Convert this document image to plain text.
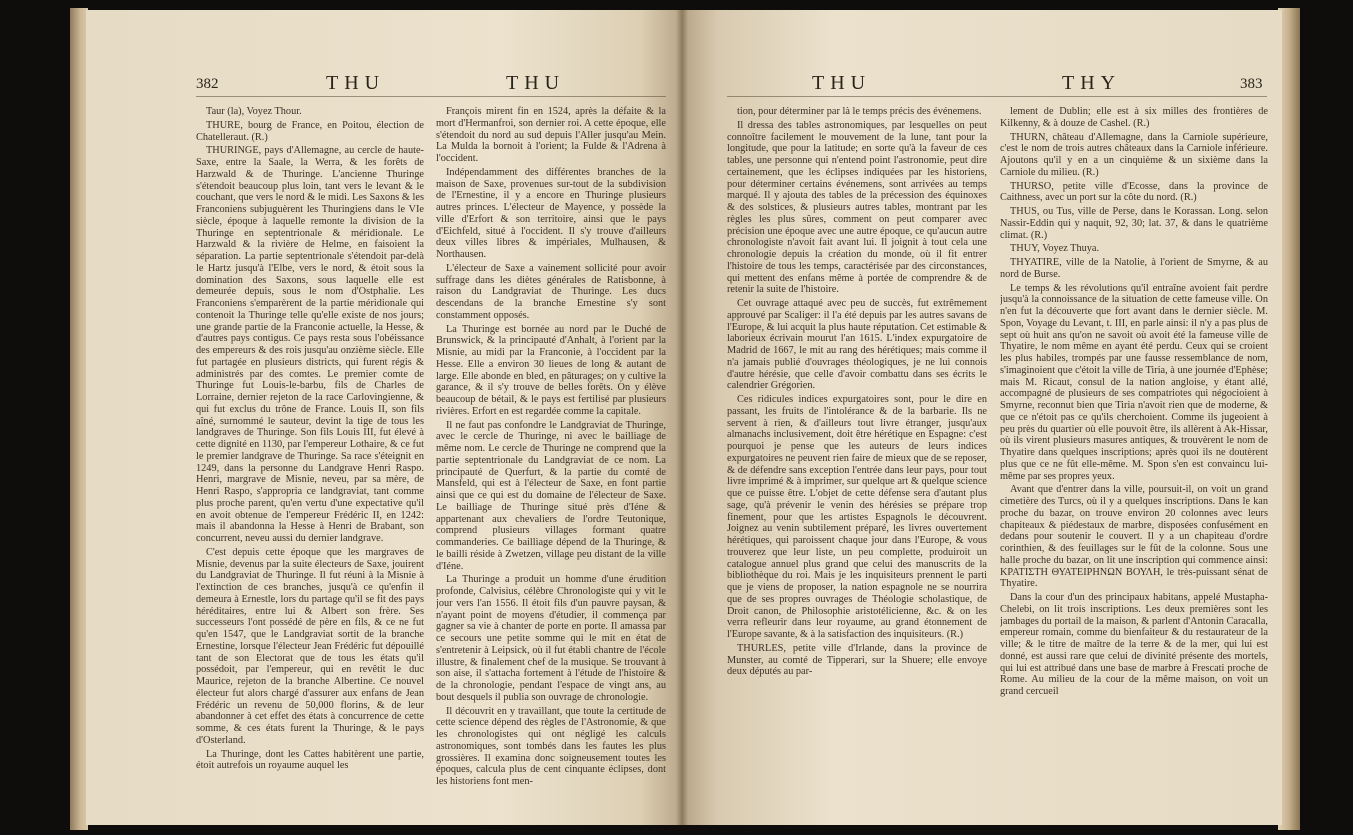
382	THU	THU

Taur (la), Voyez Thour.

THURE, bourg de France, en Poitou, élection de Chatelleraut. (R.)

THURINGE, pays d'Allemagne, au cercle de haute-Saxe, entre la Saale, la Werra, & les forêts de Harzwald & de Thuringe. L'ancienne Thuringe s'étendoit beaucoup plus loin, tant vers le levant & le couchant, que vers le nord & le midi. Les Saxons & les Franconiens subjuguèrent les Thuringiens dans le VIe siècle, époque à laquelle remonte la division de la Thuringe en septentrionale & méridionale. Le Harzwald & la rivière de Helme, en faisoient la séparation. La partie septentrionale s'étendoit par-delà le Hartz jusqu'à l'Elbe, vers le nord, & étoit sous la domination des Saxons, sous laquelle elle est demeurée depuis, sous le nom d'Ostphalie. Les Franconiens s'emparèrent de la partie méridionale qui contenoit la Thuringe telle qu'elle existe de nos jours; une grande partie de la Franconie actuelle, la Hesse, & d'autres pays contigus. Ce pays resta sous l'obéissance des empereurs & des rois jusqu'au onzième siècle. Elle fut partagée en plusieurs districts, qui furent régis & administrés par des comtes. Le premier comte de Thuringe fut Louis-le-barbu, fils de Charles de Lorraine, dernier rejeton de la race Carlovingienne, & qui fut exclus du trône de France. Louis II, son fils aîné, surnommé le sauteur, devint la tige de tous les landgraves de Thuringe. Son fils Louis III, fut élevé à cette dignité en 1130, par l'empereur Lothaire, & ce fut le premier landgrave de Thuringe. Sa race s'éteignit en 1249, dans la personne du Landgrave Henri Raspo. Henri, margrave de Misnie, neveu, par sa mère, de Henri Raspo, s'appropria ce landgraviat, tant comme plus proche parent, qu'en vertu d'une expectative qu'il en avoit obtenue de l'empereur Frédéric II, en 1242: mais il abandonna la Hesse à Henri de Brabant, son concurrent, neveu aussi du dernier landgrave.

C'est depuis cette époque que les margraves de Misnie, devenus par la suite électeurs de Saxe, jouirent du Landgraviat de Thuringe. Il fut réuni à la Misnie à l'extinction de ces branches, jusqu'à ce qu'enfin il demeura à Ernestle, lors du partage qu'il se fit des pays héréditaires, entre lui & Albert son frère. Ses successeurs l'ont possédé de père en fils, & ce ne fut qu'en 1547, que le Landgraviat sortit de la branche Ernestine, lorsque l'électeur Jean Frédéric fut dépouillé tant de son Electorat que de tous les états qu'il possédoit, par l'empereur, qui en revêtit le duc Maurice, rejeton de la branche Albertine. Ce nouvel électeur fut alors chargé d'assurer aux enfans de Jean Frédéric un revenu de 50,000 florins, & de leur abandonner à cet effet des états à concurrence de cette somme, & ces états furent la Thuringe, & le pays d'Osterland.

La Thuringe, dont les Cattes habitèrent une partie, étoit autrefois un royaume auquel les

François mirent fin en 1524, après la défaite & la mort d'Hermanfroi, son dernier roi. A cette époque, elle s'étendoit du nord au sud depuis l'Aller jusqu'au Mein. La Mulda la bornoit à l'orient; la Fulde & l'Adrena à l'occident.

Indépendamment des différentes branches de la maison de Saxe, provenues sur-tout de la subdivision de l'Ernestine, il y a encore en Thuringe plusieurs autres princes. L'électeur de Mayence, y possède la ville d'Erfort & son territoire, ainsi que le pays d'Eichfeld, situé à l'occident. Il s'y trouve d'ailleurs deux villes libres & impériales, Mulhausen, & Northausen.

L'électeur de Saxe a vainement sollicité pour avoir suffrage dans les diètes générales de Ratisbonne, à raison du Landgraviat de Thuringe. Les ducs descendans de la branche Ernestine s'y sont constamment opposés.

La Thuringe est bornée au nord par le Duché de Brunswick, & la principauté d'Anhalt, à l'orient par la Misnie, au midi par la Franconie, à l'occident par la Hesse. Elle a environ 30 lieues de long & autant de large. Elle abonde en bled, en pâturages; on y cultive la garance, & il s'y trouve de belles forêts. On y élève beaucoup de bétail, & le pays est fertilisé par plusieurs rivières. Erfort en est regardée comme la capitale.

Il ne faut pas confondre le Landgraviat de Thuringe, avec le cercle de Thuringe, ni avec le bailliage de même nom. Le cercle de Thuringe ne comprend que la partie septentrionale du Landgraviat de ce nom. La principauté de Querfurt, & la partie du comté de Mansfeld, qui est à l'électeur de Saxe, en font partie ainsi que ce qui est du domaine de l'électeur de Saxe. Le bailliage de Thuringe situé près d'Iéne & appartenant aux chevaliers de l'ordre Teutonique, comprend plusieurs villages formant quatre commanderies. Ce bailliage dépend de la Thuringe, & le bailli réside à Zwetzen, village peu distant de la ville d'Iéne.

La Thuringe a produit un homme d'une érudition profonde, Calvisius, célèbre Chronologiste qui y vit le jour vers l'an 1556. Il étoit fils d'un pauvre paysan, & n'ayant point de moyens d'étudier, il commença par gagner sa vie à chanter de porte en porte. Il amassa par ce secours une petite somme qui le mit en état de s'entretenir à Leipsick, où il fut établi chantre de l'école illustre, & finalement chef de la musique. Se trouvant à son aise, il s'attacha fortement à l'étude de l'histoire & de la chronologie, pendant l'espace de vingt ans, au bout desquels il publia son ouvrage de chronologie.

Il découvrit en y travaillant, que toute la certitude de cette science dépend des règles de l'Astronomie, & que les chronologistes qui ont négligé les calculs astronomiques, sont tombés dans les fautes les plus grossières. Il examina donc soigneusement toutes les époques, calcula plus de cent cinquante éclipses, dont les historiens font men-

THU	THY	383

tion, pour déterminer par là le temps précis des événemens.

Il dressa des tables astronomiques, par lesquelles on peut connoître facilement le mouvement de la lune, tant pour la longitude, que pour la latitude; en sorte qu'à la faveur de ces tables, une personne qui n'entend point l'astronomie, peut dire certainement, que les éclipses indiquées par les historiens, pour déterminer certains événemens, sont arrivées au temps marqué. Il y ajouta des tables de la précession des équinoxes & des solstices, & plusieurs autres tables, montrant par les règles les plus sûres, comment on peut comparer avec précision une époque avec une autre époque, ce qu'aucun autre chronologiste n'avoit fait avant lui. Il joignit à tout cela une chronologie depuis la création du monde, où il fit entrer l'histoire de tous les temps, caractérisée par des circonstances, qui mettent des enfans même à portée de comprendre & de retenir la suite de l'histoire.

Cet ouvrage attaqué avec peu de succès, fut extrêmement approuvé par Scaliger: il l'a été depuis par les autres savans de l'Europe, & lui acquit la plus haute réputation. Cet estimable & laborieux écrivain mourut l'an 1615. L'index expurgatoire de Madrid de 1667, le mit au rang des hérétiques; mais comme il n'a jamais publié d'ouvrages théologiques, je ne lui connois d'autre hérésie, que celle d'avoir combattu dans ses écrits le calendrier Grégorien.

Ces ridicules indices expurgatoires sont, pour le dire en passant, les fruits de l'intolérance & de la barbarie. Ils ne servent à rien, & d'ailleurs tout livre étranger, jusqu'aux almanachs inclusivement, doit être hérétique en Espagne: c'est pourquoi je pense que les auteurs de leurs indices expurgatoires ne peuvent rien faire de mieux que de se reposer, & de défendre sans exception l'entrée dans leur pays, pour tout livre imprimé & à imprimer, sur quelque art & quelque science que ce puisse être. L'objet de cette défense sera d'autant plus sage, qu'à prévenir le venin des hérésies se prépare trop finement, pour que les artistes Espagnols le découvrent. Joignez au venin subtilement préparé, les livres ouvertement hérétiques, qui paroissent chaque jour dans l'Europe, & vous trouverez que leur liste, un peu complette, produiroit un catalogue annuel plus grand que celui des manuscrits de la bibliothèque du roi. Mais je les inquisiteurs prennent le parti que je viens de proposer, la nation espagnole ne se nourrira que de ses propres ouvrages de Théologie scholastique, de Droit canon, de Philosophie aristotélicienne, &c. & on les verra refleurir dans leur royaume, au grand étonnement de l'Europe savante, & à la satisfaction des inquisiteurs. (R.)

THURLES, petite ville d'Irlande, dans la province de Munster, au comté de Tipperari, sur la Shuere; elle envoye deux députés au par-

lement de Dublin; elle est à six milles des frontières de Kilkenny, & à douze de Cashel. (R.)

THURN, château d'Allemagne, dans la Carniole supérieure, c'est le nom de trois autres châteaux dans la Carniole inférieure. Ajoutons qu'il y en a un cinquième & un sixième dans la Carniole du milieu. (R.)

THURSO, petite ville d'Ecosse, dans la province de Caithness, avec un port sur la côte du nord. (R.)

THUS, ou Tus, ville de Perse, dans le Korassan. Long. selon Nassir-Eddin qui y naquit, 92, 30; lat. 37, & dans le quatrième climat. (R.)

THUY, Voyez Thuya.

THYATIRE, ville de la Natolie, à l'orient de Smyrne, & au nord de Burse.

Le temps & les révolutions qu'il entraîne avoient fait perdre jusqu'à la connoissance de la situation de cette fameuse ville. On n'en fut la découverte que fort avant dans le dernier siècle. M. Spon, Voyage du Levant, t. III, en parle ainsi: il n'y a pas plus de sept où huit ans qu'on ne savoit où avoit été la fameuse ville de Thyatire, le nom même en ayant été perdu. Ceux qui se croient les plus habiles, trompés par une fausse ressemblance de nom, s'imaginoient que c'étoit la ville de Tiria, à une journée d'Ephèse; mais M. Ricaut, consul de la nation angloise, y étant allé, accompagné de plusieurs de ses compatriotes qui négocioient à Smyrne, reconnut bien que Tiria n'avoit rien que de moderne, & que ce n'étoit pas ce qu'ils cherchoient. Comme ils jugeoient à peu près du quartier où elle pouvoit être, ils allèrent à Ak-Hissar, où ils virent plusieurs masures antiques, & trouvèrent le nom de Thyatire dans quelques inscriptions; après quoi ils ne doutèrent plus que ce ne fût elle-même. M. Spon s'en est convaincu lui-même par ses propres yeux.

Avant que d'entrer dans la ville, poursuit-il, on voit un grand cimetière des Turcs, où il y a quelques inscriptions. Dans le kan proche du bazar, on trouve environ 20 colonnes avec leurs chapiteaux & piédestaux de marbre, disposées confusément en dedans pour soutenir le couvert. Il y a un chapiteau d'ordre corinthien, & des feuillages sur le fût de la colonne. Sous une halle proche du bazar, on lit une inscription qui commence ainsi: ΚΡΑΤΙΣΤΗ ΘΥΑΤΕΙΡΗΝΩΝ ΒΟΥΛΗ, le très-puissant sénat de Thyatire.

Dans la cour d'un des principaux habitans, appelé Mustapha-Chelebi, on lit trois inscriptions. Les deux premières sont les jambages du portail de la maison, & parlent d'Antonin Caracalla, empereur romain, comme du bienfaiteur & du restaurateur de la ville; & le titre de maître de la terre & de la mer, qui lui est donné, est aussi rare que celui de divinité présente des mortels, qui lui est attribué dans une base de marbre à Frescati proche de Rome. Au milieu de la cour de la même maison, on voit un grand cercueil
